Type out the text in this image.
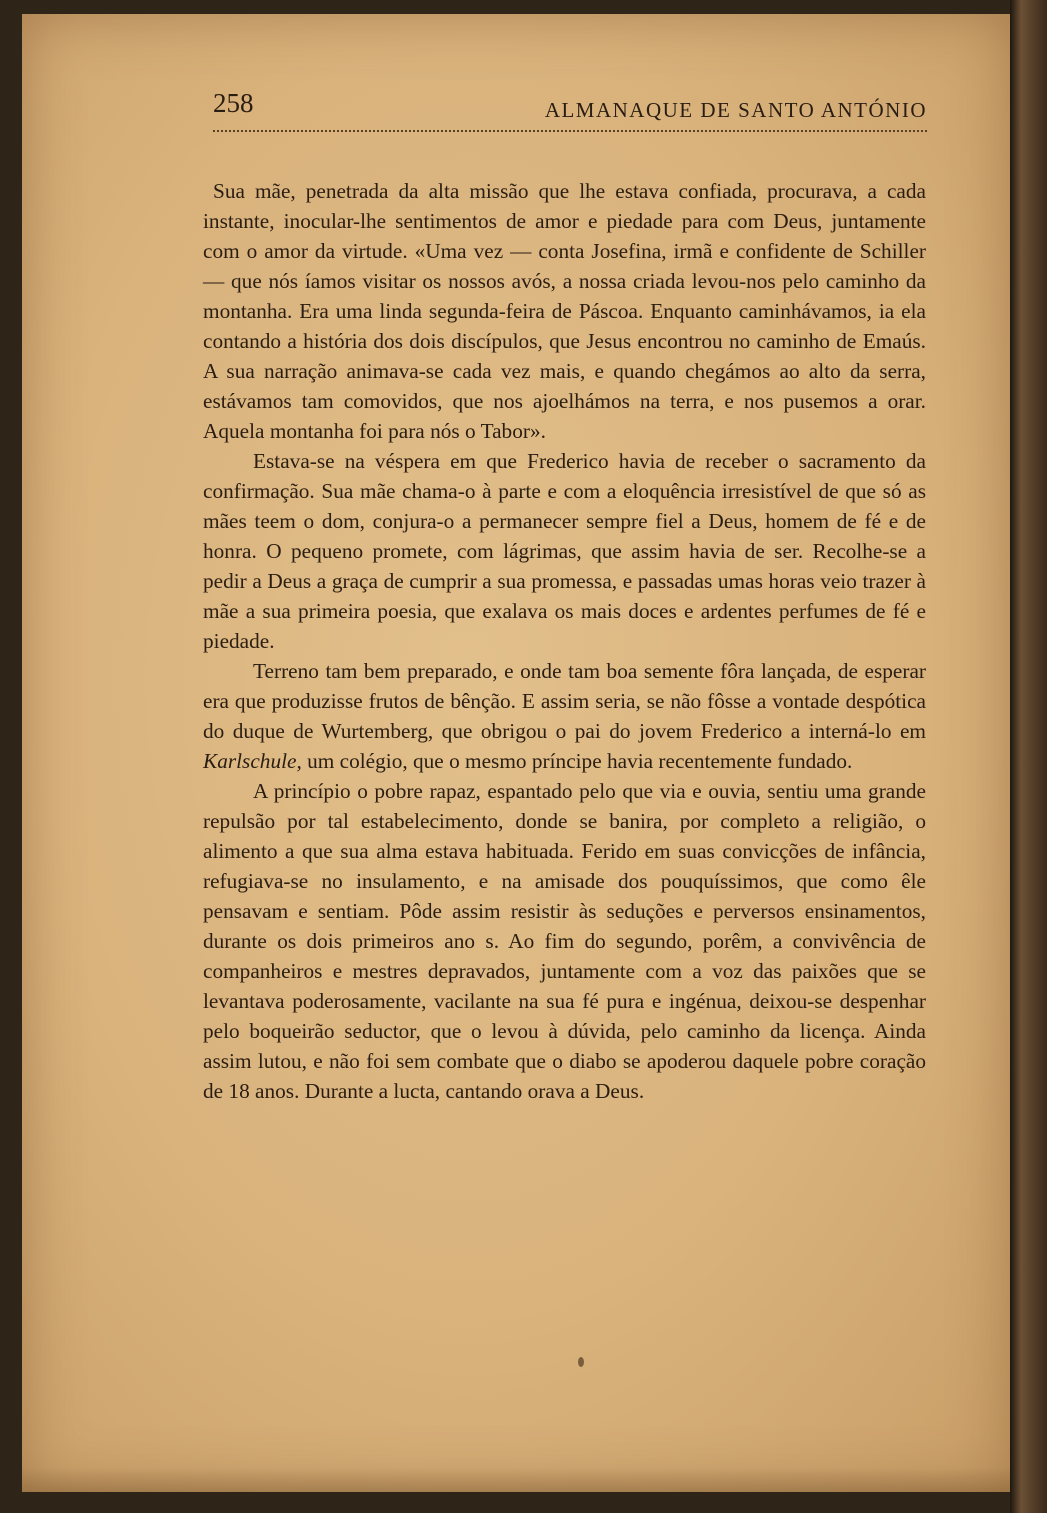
258	ALMANAQUE DE SANTO ANTÓNIO

Sua mãe, penetrada da alta missão que lhe estava confiada, procurava, a cada instante, inocular-lhe sentimentos de amor e piedade para com Deus, juntamente com o amor da virtude. «Uma vez — conta Josefina, irmã e confidente de Schiller — que nós íamos visitar os nossos avós, a nossa criada levou-nos pelo caminho da montanha. Era uma linda segunda-feira de Páscoa. Enquanto caminhávamos, ia ela contando a história dos dois discípulos, que Jesus encontrou no caminho de Emaús. A sua narração animava-se cada vez mais, e quando chegámos ao alto da serra, estávamos tam comovidos, que nos ajoelhámos na terra, e nos pusemos a orar. Aquela montanha foi para nós o Tabor».

Estava-se na véspera em que Frederico havia de receber o sacramento da confirmação. Sua mãe chama-o à parte e com a eloquência irresistível de que só as mães teem o dom, conjura-o a permanecer sempre fiel a Deus, homem de fé e de honra. O pequeno promete, com lágrimas, que assim havia de ser. Recolhe-se a pedir a Deus a graça de cumprir a sua promessa, e passadas umas horas veio trazer à mãe a sua primeira poesia, que exalava os mais doces e ardentes perfumes de fé e piedade.

Terreno tam bem preparado, e onde tam boa semente fôra lançada, de esperar era que produzisse frutos de bênção. E assim seria, se não fôsse a vontade despótica do duque de Wurtemberg, que obrigou o pai do jovem Frederico a interná-lo em Karlschule, um colégio, que o mesmo príncipe havia recentemente fundado.

A princípio o pobre rapaz, espantado pelo que via e ouvia, sentiu uma grande repulsão por tal estabelecimento, donde se banira, por completo a religião, o alimento a que sua alma estava habituada. Ferido em suas convicções de infância, refugiava-se no insulamento, e na amisade dos pouquíssimos, que como êle pensavam e sentiam. Pôde assim resistir às seduções e perversos ensinamentos, durante os dois primeiros ano s. Ao fim do segundo, porêm, a convivência de companheiros e mestres depravados, juntamente com a voz das paixões que se levantava poderosamente, vacilante na sua fé pura e ingénua, deixou-se despenhar pelo boqueirão seductor, que o levou à dúvida, pelo caminho da licença. Ainda assim lutou, e não foi sem combate que o diabo se apoderou daquele pobre coração de 18 anos. Durante a lucta, cantando orava a Deus.
